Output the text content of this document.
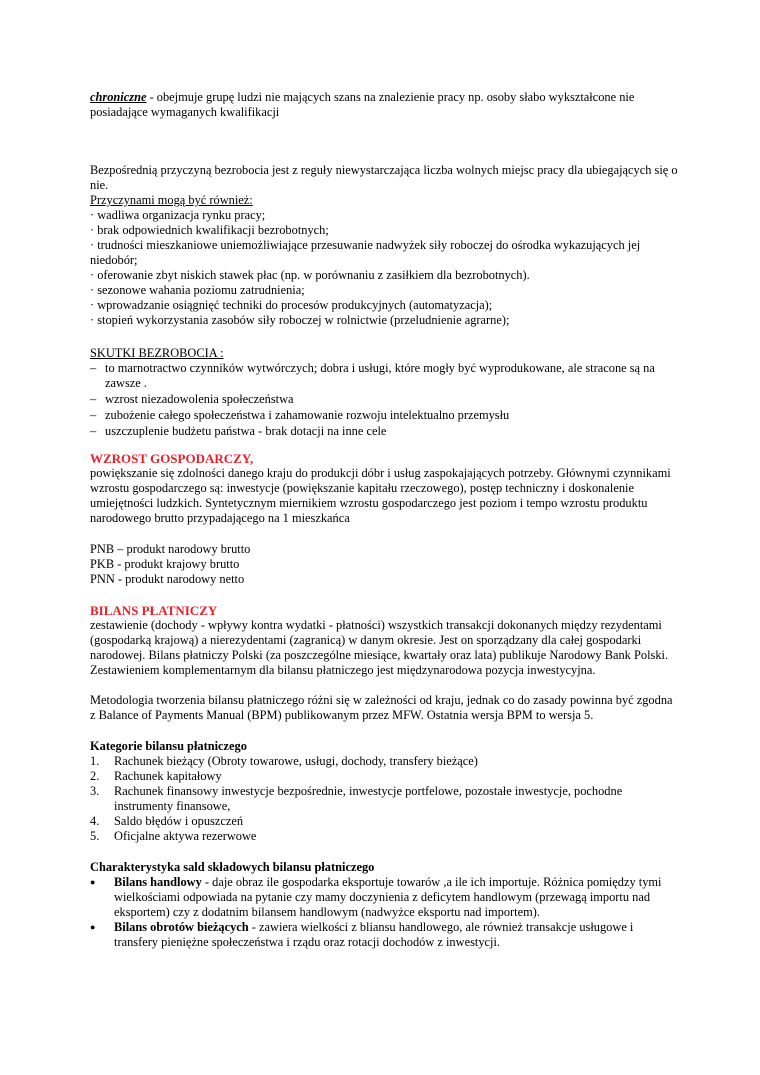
chroniczne - obejmuje grupę ludzi nie mających szans na znalezienie pracy np. osoby słabo wykształcone nie posiadające wymaganych kwalifikacji

Bezpośrednią przyczyną bezrobocia jest z reguły niewystarczająca liczba wolnych miejsc pracy dla ubiegających się o nie.

Przyczynami mogą być również:

· wadliwa organizacja rynku pracy;

· brak odpowiednich kwalifikacji bezrobotnych;

· trudności mieszkaniowe uniemożliwiające przesuwanie nadwyżek siły roboczej do ośrodka wykazujących jej niedobór;

· oferowanie zbyt niskich stawek płac (np. w porównaniu z zasiłkiem dla bezrobotnych).

· sezonowe wahania poziomu zatrudnienia;

· wprowadzanie osiągnięć techniki do procesów produkcyjnych (automatyzacja);

· stopień wykorzystania zasobów siły roboczej w rolnictwie (przeludnienie agrarne);

SKUTKI BEZROBOCIA :

– to marnotractwo czynników wytwórczych; dobra i usługi, które mogły być wyprodukowane, ale stracone są na zawsze .
– wzrost niezadowolenia społeczeństwa
– zubożenie całego społeczeństwa i zahamowanie rozwoju intelektualno przemysłu
– uszczuplenie budżetu państwa - brak dotacji na inne cele

WZROST GOSPODARCZY,

powiększanie się zdolności danego kraju do produkcji dóbr i usług zaspokajających potrzeby. Głównymi czynnikami wzrostu gospodarczego są: inwestycje (powiększanie kapitału rzeczowego), postęp techniczny i doskonalenie umiejętności ludzkich. Syntetycznym miernikiem wzrostu gospodarczego jest poziom i tempo wzrostu produktu narodowego brutto przypadającego na 1 mieszkańca

PNB – produkt narodowy brutto

PKB - produkt krajowy brutto

PNN - produkt narodowy netto

BILANS PŁATNICZY

zestawienie (dochody - wpływy kontra wydatki - płatności) wszystkich transakcji dokonanych między rezydentami (gospodarką krajową) a nierezydentami (zagranicą) w danym okresie. Jest on sporządzany dla całej gospodarki narodowej. Bilans płatniczy Polski (za poszczególne miesiące, kwartały oraz lata) publikuje Narodowy Bank Polski. Zestawieniem komplementarnym dla bilansu płatniczego jest międzynarodowa pozycja inwestycyjna.

Metodologia tworzenia bilansu płatniczego różni się w zależności od kraju, jednak co do zasady powinna być zgodna z Balance of Payments Manual (BPM) publikowanym przez MFW. Ostatnia wersja BPM to wersja 5.

Kategorie bilansu płatniczego

1. Rachunek bieżący (Obroty towarowe, usługi, dochody, transfery bieżące)
2. Rachunek kapitałowy
3. Rachunek finansowy inwestycje bezpośrednie, inwestycje portfelowe, pozostałe inwestycje, pochodne instrumenty finansowe,
4. Saldo błędów i opuszczeń
5. Oficjalne aktywa rezerwowe

Charakterystyka sald składowych bilansu płatniczego

● Bilans handlowy - daje obraz ile gospodarka eksportuje towarów ,a ile ich importuje. Różnica pomiędzy tymi wielkościami odpowiada na pytanie czy mamy doczynienia z deficytem handlowym (przewagą importu nad eksportem) czy z dodatnim bilansem handlowym (nadwyżce eksportu nad importem).
● Bilans obrotów bieżących - zawiera wielkości z bliansu handlowego, ale również transakcje usługowe i transfery pieniężne społeczeństwa i rządu oraz rotacji dochodów z inwestycji.
